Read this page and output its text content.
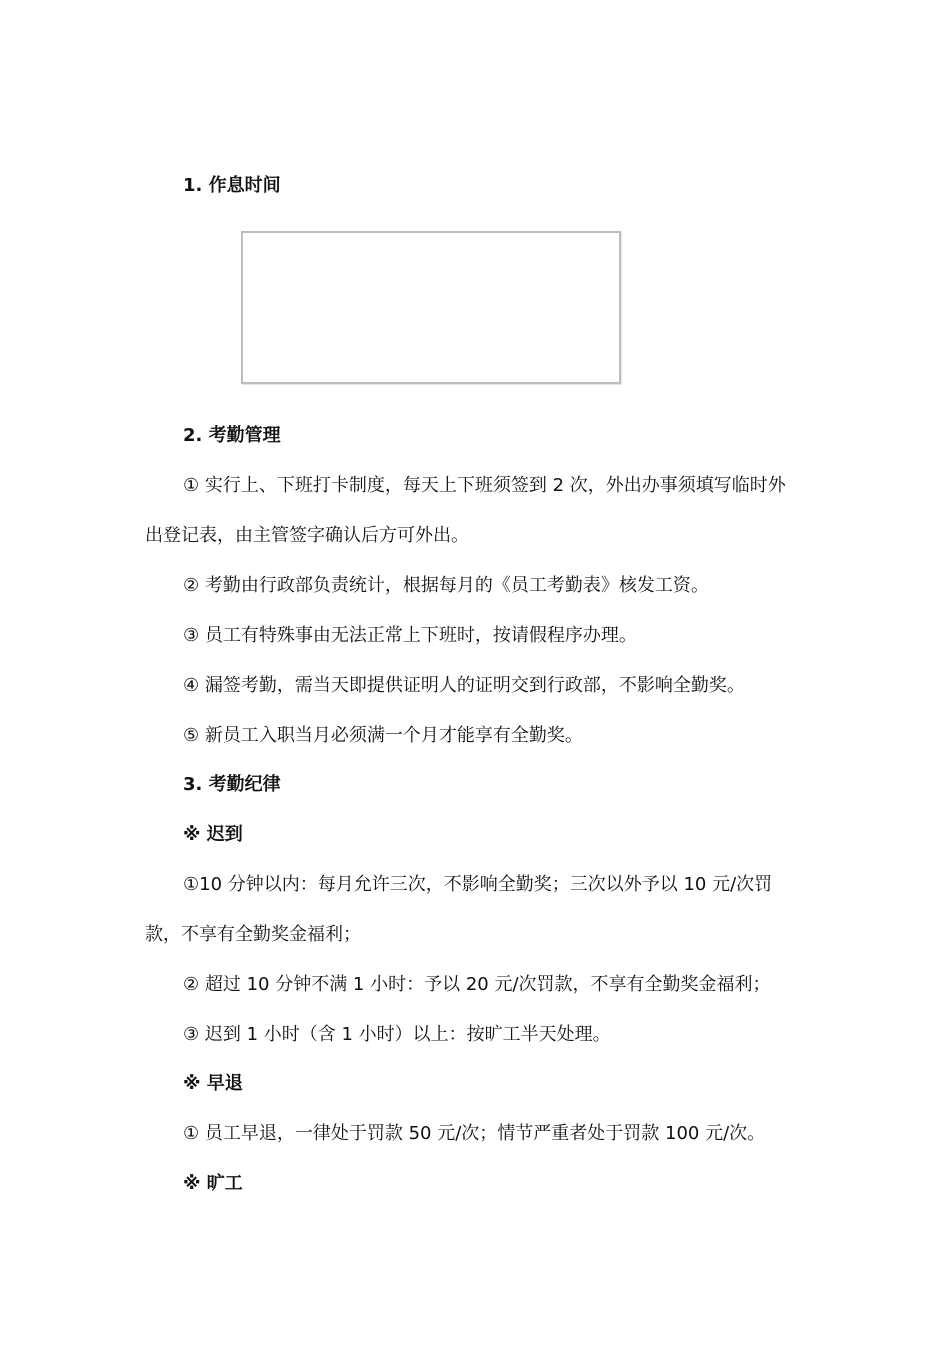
1. 作息时间
2. 考勤管理
① 实行上、下班打卡制度，每天上下班须签到 2 次，外出办事须填写临时外
出登记表，由主管签字确认后方可外出。
② 考勤由行政部负责统计，根据每月的《员工考勤表》核发工资。
③ 员工有特殊事由无法正常上下班时，按请假程序办理。
④ 漏签考勤，需当天即提供证明人的证明交到行政部，不影响全勤奖。
⑤ 新员工入职当月必须满一个月才能享有全勤奖。
3. 考勤纪律
※ 迟到
①10 分钟以内：每月允许三次，不影响全勤奖；三次以外予以 10 元/次罚
款，不享有全勤奖金福利；
② 超过 10 分钟不满 1 小时：予以 20 元/次罚款，不享有全勤奖金福利；
③ 迟到 1 小时（含 1 小时）以上：按旷工半天处理。
※ 早退
① 员工早退，一律处于罚款 50 元/次；情节严重者处于罚款 100 元/次。
※ 旷工
